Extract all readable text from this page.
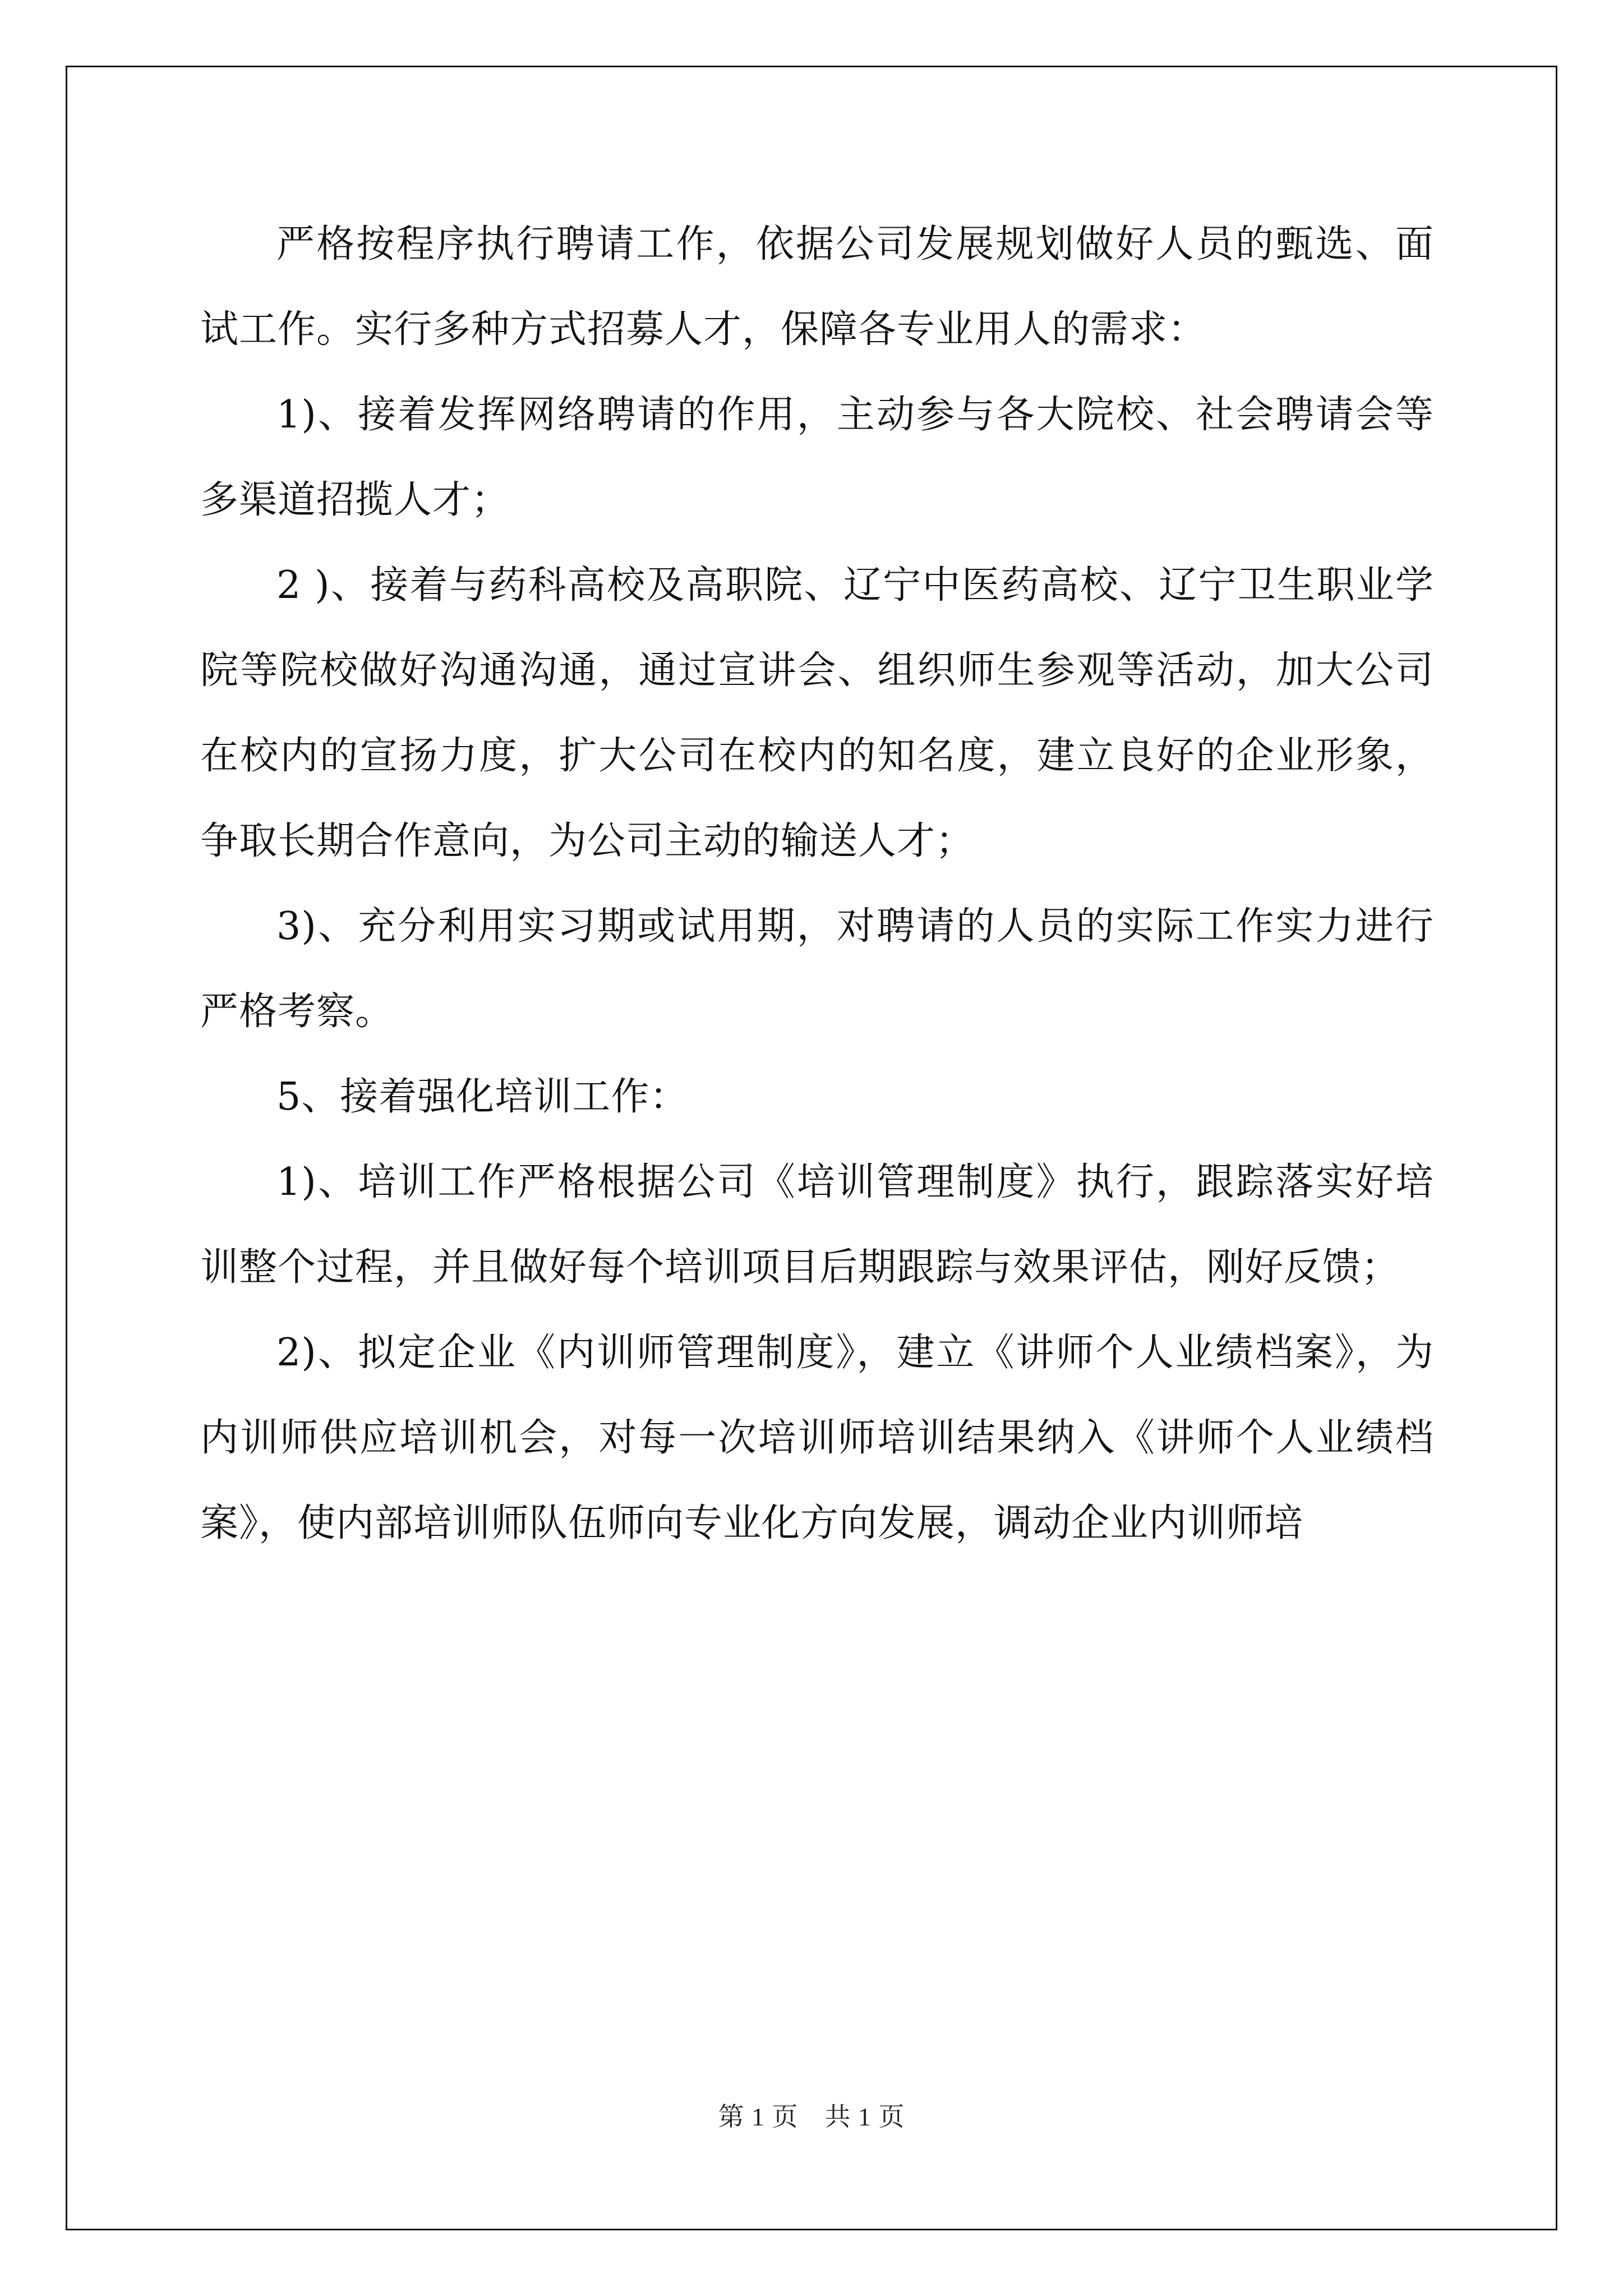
严格按程序执行聘请工作，依据公司发展规划做好人员的甄选、面试工作。实行多种方式招募人才，保障各专业用人的需求：

1)、接着发挥网络聘请的作用，主动参与各大院校、社会聘请会等多渠道招揽人才；

2 )、接着与药科高校及高职院、辽宁中医药高校、辽宁卫生职业学院等院校做好沟通沟通，通过宣讲会、组织师生参观等活动，加大公司在校内的宣扬力度，扩大公司在校内的知名度，建立良好的企业形象，争取长期合作意向，为公司主动的输送人才；

3)、充分利用实习期或试用期，对聘请的人员的实际工作实力进行严格考察。

5、接着强化培训工作：

1)、培训工作严格根据公司《培训管理制度》执行，跟踪落实好培训整个过程，并且做好每个培训项目后期跟踪与效果评估，刚好反馈；

2)、拟定企业《内训师管理制度》，建立《讲师个人业绩档案》，为内训师供应培训机会，对每一次培训师培训结果纳入《讲师个人业绩档案》，使内部培训师队伍师向专业化方向发展，调动企业内训师培

第 1 页　共 1 页
